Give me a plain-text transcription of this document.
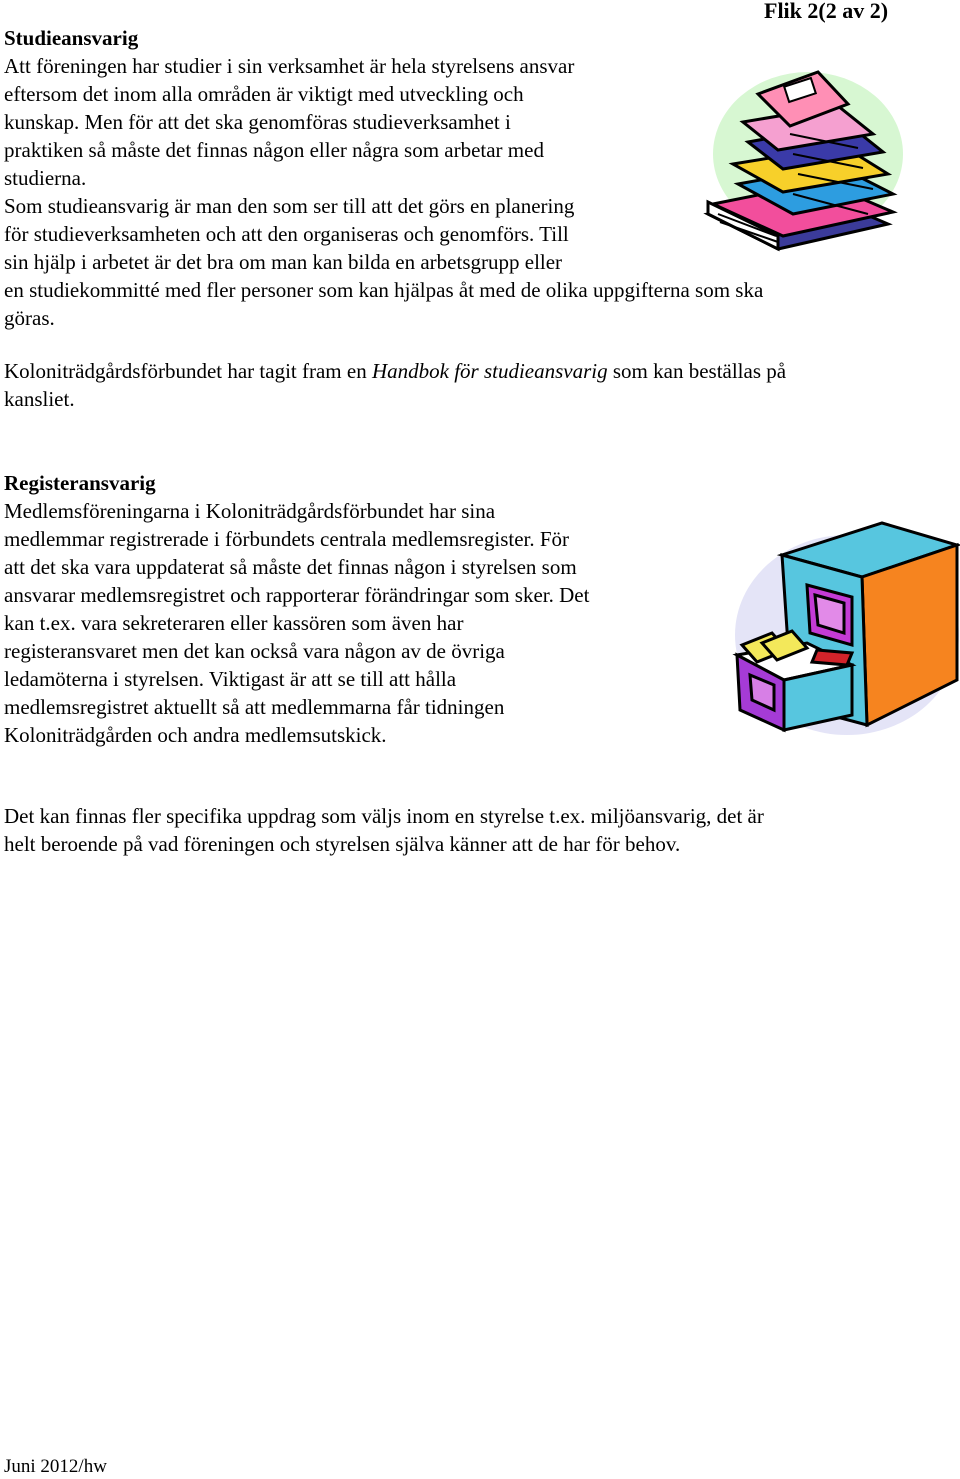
Flik 2(2 av 2)
Studieansvarig
Att föreningen har studier i sin verksamhet är hela styrelsens ansvar
eftersom det inom alla områden är viktigt med utveckling och
kunskap. Men för att det ska genomföras studieverksamhet i
praktiken så måste det finnas någon eller några som arbetar med
studierna.
Som studieansvarig är man den som ser till att det görs en planering
för studieverksamheten och att den organiseras och genomförs. Till
sin hjälp i arbetet är det bra om man kan bilda en arbetsgrupp eller
en studiekommitté med fler personer som kan hjälpas åt med de olika uppgifterna som ska
göras.
Koloniträdgårdsförbundet har tagit fram en Handbok för studieansvarig som kan beställas på
kansliet.
Registeransvarig
Medlemsföreningarna i Koloniträdgårdsförbundet har sina
medlemmar registrerade i förbundets centrala medlemsregister. För
att det ska vara uppdaterat så måste det finnas någon i styrelsen som
ansvarar medlemsregistret och rapporterar förändringar som sker. Det
kan t.ex. vara sekreteraren eller kassören som även har
registeransvaret men det kan också vara någon av de övriga
ledamöterna i styrelsen. Viktigast är att se till att hålla
medlemsregistret aktuellt så att medlemmarna får tidningen
Koloniträdgården och andra medlemsutskick.
Det kan finnas fler specifika uppdrag som väljs inom en styrelse t.ex. miljöansvarig, det är
helt beroende på vad föreningen och styrelsen själva känner att de har för behov.
Juni 2012/hw
